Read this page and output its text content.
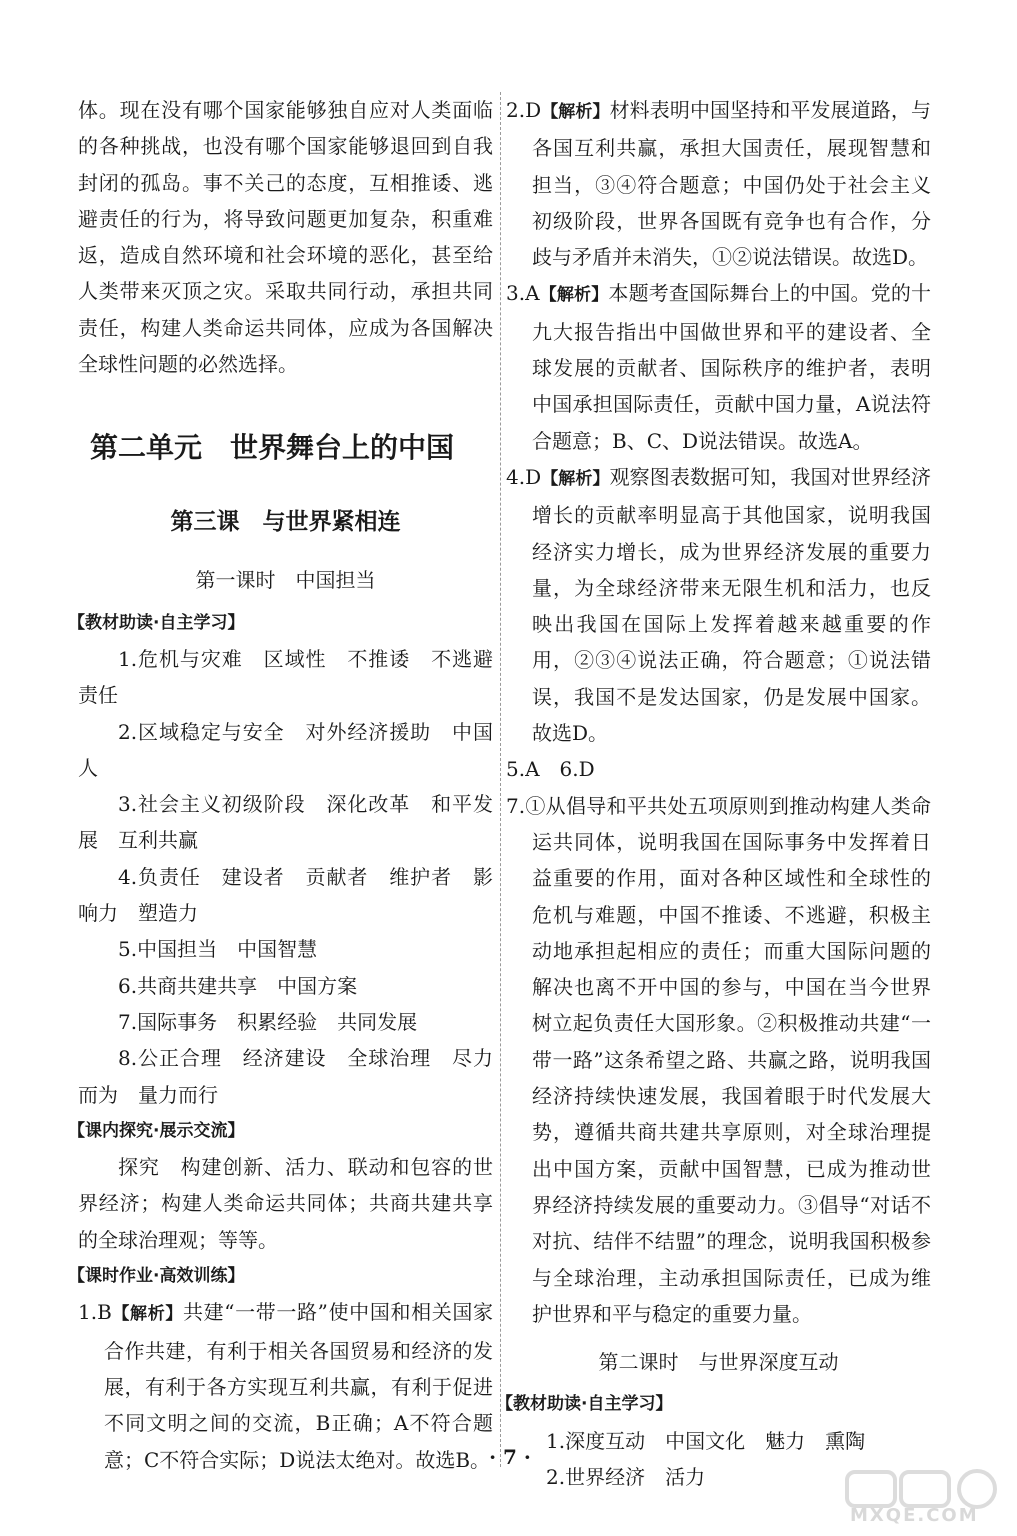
体。现在没有哪个国家能够独自应对人类面临的各种挑战，也没有哪个国家能够退回到自我封闭的孤岛。事不关己的态度，互相推诿、逃避责任的行为，将导致问题更加复杂，积重难返，造成自然环境和社会环境的恶化，甚至给人类带来灭顶之灾。采取共同行动，承担共同责任，构建人类命运共同体，应成为各国解决全球性问题的必然选择。

第二单元　世界舞台上的中国
第三课　与世界紧相连
第一课时　中国担当
【教材助读·自主学习】

1.危机与灾难　区域性　不推诿　不逃避责任

2.区域稳定与安全　对外经济援助　中国人

3.社会主义初级阶段　深化改革　和平发展　互利共赢

4.负责任　建设者　贡献者　维护者　影响力　塑造力

5.中国担当　中国智慧

6.共商共建共享　中国方案

7.国际事务　积累经验　共同发展

8.公正合理　经济建设　全球治理　尽力而为　量力而行

【课内探究·展示交流】

探究　构建创新、活力、联动和包容的世界经济；构建人类命运共同体；共商共建共享的全球治理观；等等。

【课时作业·高效训练】

1.B【解析】共建“一带一路”使中国和相关国家合作共建，有利于相关各国贸易和经济的发展，有利于各方实现互利共赢，有利于促进不同文明之间的交流，B正确；A不符合题意；C不符合实际；D说法太绝对。故选B。

2.D【解析】材料表明中国坚持和平发展道路，与各国互利共赢，承担大国责任，展现智慧和担当，③④符合题意；中国仍处于社会主义初级阶段，世界各国既有竞争也有合作，分歧与矛盾并未消失，①②说法错误。故选D。

3.A【解析】本题考查国际舞台上的中国。党的十九大报告指出中国做世界和平的建设者、全球发展的贡献者、国际秩序的维护者，表明中国承担国际责任，贡献中国力量，A说法符合题意；B、C、D说法错误。故选A。

4.D【解析】观察图表数据可知，我国对世界经济增长的贡献率明显高于其他国家，说明我国经济实力增长，成为世界经济发展的重要力量，为全球经济带来无限生机和活力，也反映出我国在国际上发挥着越来越重要的作用，②③④说法正确，符合题意；①说法错误，我国不是发达国家，仍是发展中国家。故选D。

5.A　6.D

7.①从倡导和平共处五项原则到推动构建人类命运共同体，说明我国在国际事务中发挥着日益重要的作用，面对各种区域性和全球性的危机与难题，中国不推诿、不逃避，积极主动地承担起相应的责任；而重大国际问题的解决也离不开中国的参与，中国在当今世界树立起负责任大国形象。②积极推动共建“一带一路”这条希望之路、共赢之路，说明我国经济持续快速发展，我国着眼于时代发展大势，遵循共商共建共享原则，对全球治理提出中国方案，贡献中国智慧，已成为推动世界经济持续发展的重要动力。③倡导“对话不对抗、结伴不结盟”的理念，说明我国积极参与全球治理，主动承担国际责任，已成为维护世界和平与稳定的重要力量。

第二课时　与世界深度互动
【教材助读·自主学习】

1.深度互动　中国文化　魅力　熏陶

2.世界经济　活力

· 7 ·
MXQE.COM
